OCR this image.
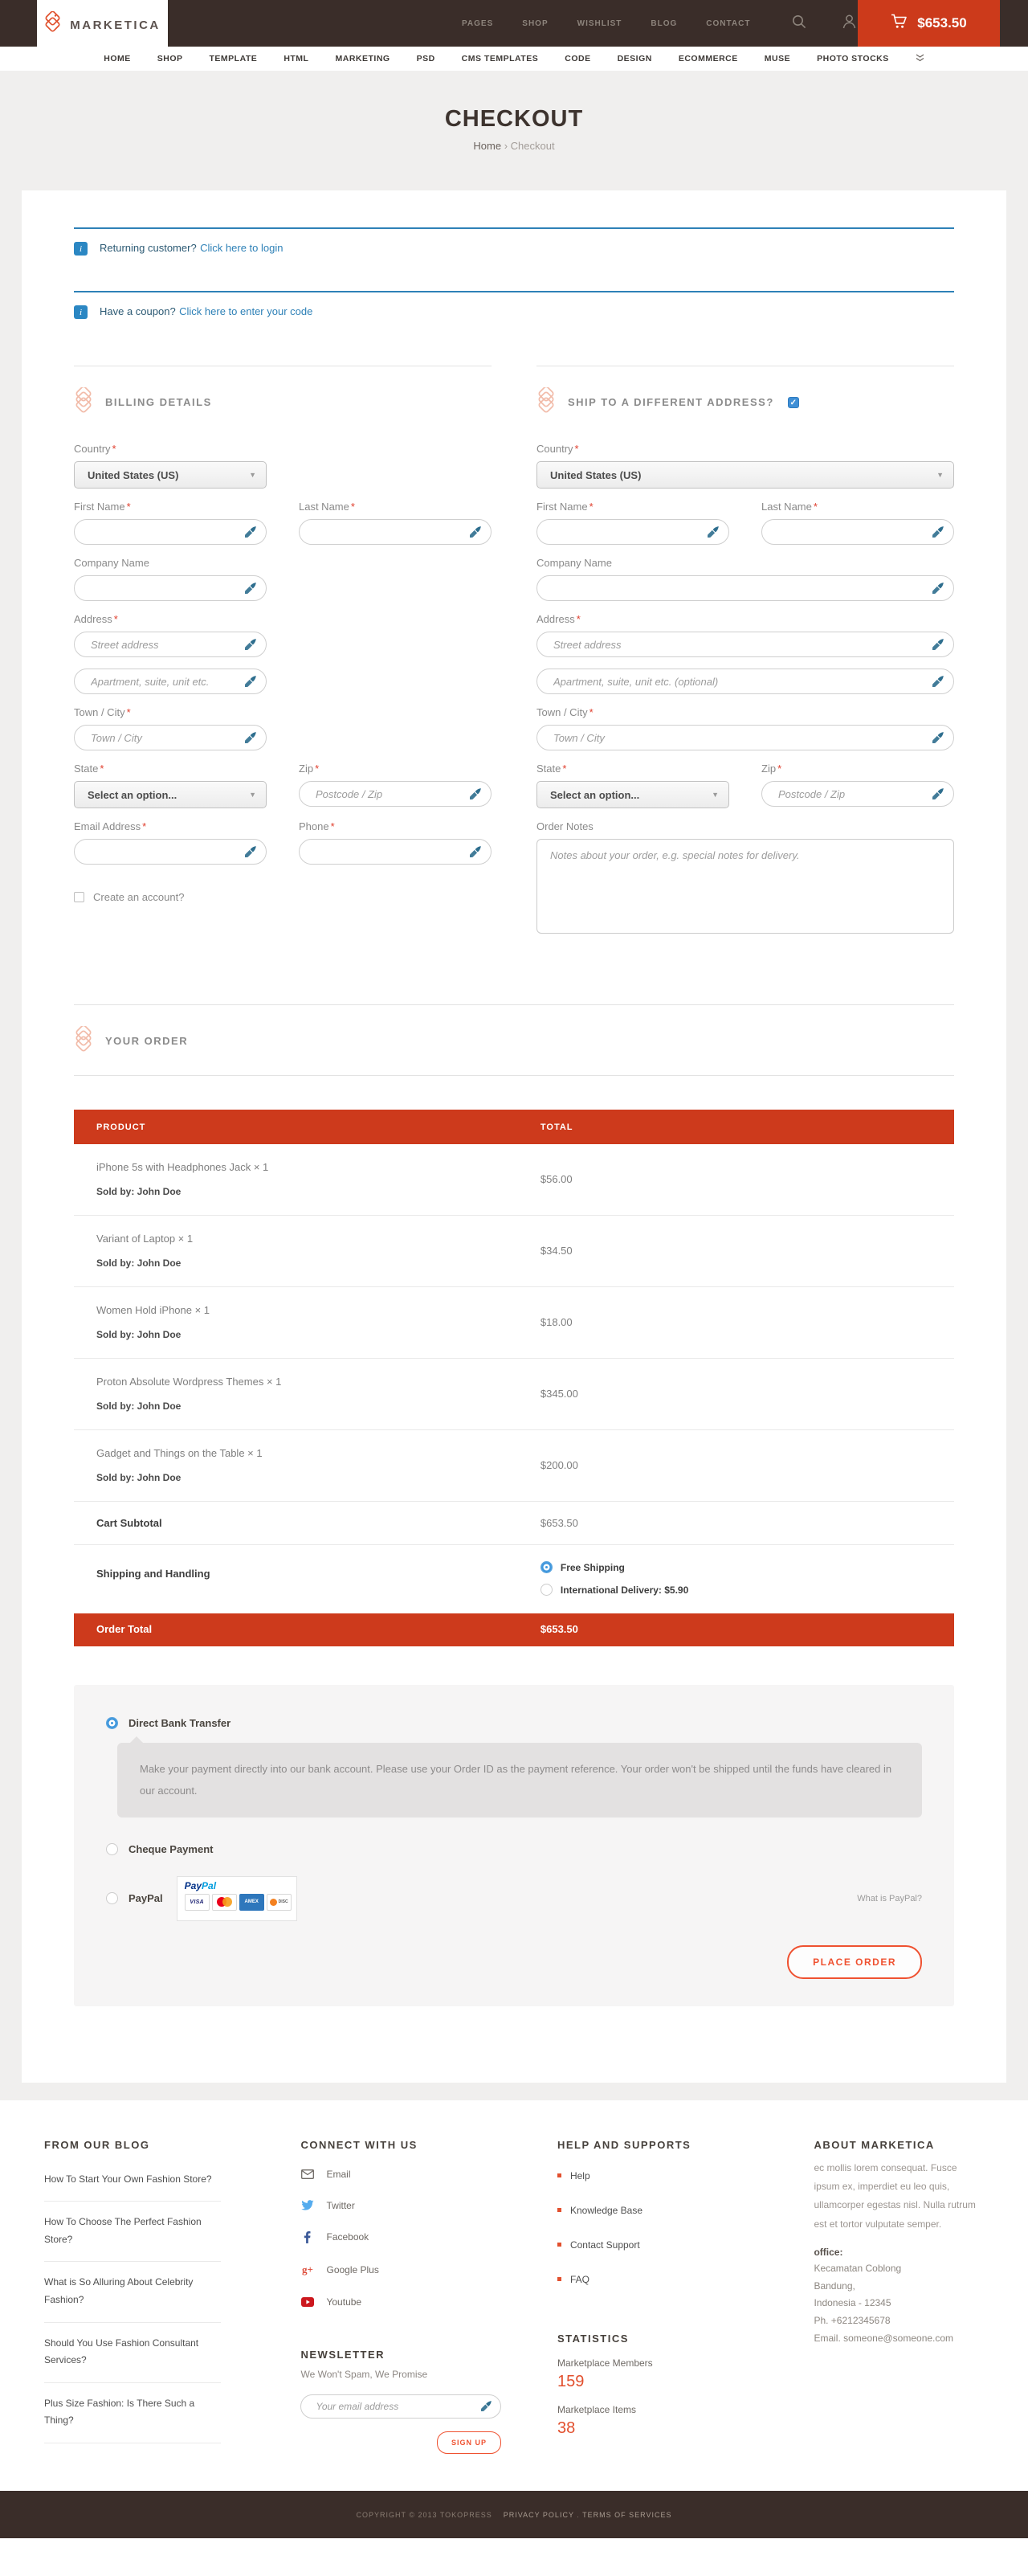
MARKETICA	PAGES	SHOP	WISHLIST	BLOG	CONTACT	$653.50
HOME	SHOP	TEMPLATE	HTML	MARKETING	PSD	CMS TEMPLATES	CODE	DESIGN	ECOMMERCE	MUSE	PHOTO STOCKS
CHECKOUT
Home › Checkout
i	Returning customer? Click here to login
i	Have a coupon? Click here to enter your code
BILLING DETAILS
Country *
United States (US)	▼
First Name *	Last Name *
Company Name
Address *
Street address
Apartment, suite, unit etc.
Town / City *
Town / City
State *
Select an option...	▼
Zip *
Postcode / Zip
Email Address *	Phone *
Create an account?
SHIP TO A DIFFERENT ADDRESS?
✓
Country *
United States (US)	▼
First Name *	Last Name *
Company Name
Address *
Street address
Apartment, suite, unit etc. (optional)
Town / City *
Town / City
State *
Select an option...	▼
Zip *
Postcode / Zip
Order Notes
Notes about your order, e.g. special notes for delivery.
YOUR ORDER
PRODUCT	TOTAL
iPhone 5s with Headphones Jack × 1
Sold by: John Doe
$56.00
Variant of Laptop × 1
Sold by: John Doe
$34.50
Women Hold iPhone × 1
Sold by: John Doe
$18.00
Proton Absolute Wordpress Themes × 1
Sold by: John Doe
$345.00
Gadget and Things on the Table × 1
Sold by: John Doe
$200.00
Cart Subtotal	$653.50
Shipping and Handling
Free Shipping
International Delivery: $5.90
Order Total	$653.50
Direct Bank Transfer
Make your payment directly into our bank account. Please use your Order ID as the payment reference. Your order won't be shipped until the funds have cleared in our account.
Cheque Payment
PayPal
PayPal
VISA	AMEX	DISC	What is PayPal?
PLACE ORDER
FROM OUR BLOG
How To Start Your Own Fashion Store?
How To Choose The Perfect Fashion Store?
What is So Alluring About Celebrity Fashion?
Should You Use Fashion Consultant Services?
Plus Size Fashion: Is There Such a Thing?
CONNECT WITH US
Email
Twitter
Facebook
g+ Google Plus
Youtube
NEWSLETTER
We Won't Spam, We Promise
Your email address
SIGN UP
HELP AND SUPPORTS
Help
Knowledge Base
Contact Support
FAQ
STATISTICS
Marketplace Members
159
Marketplace Items
38
ABOUT MARKETICA
ec mollis lorem consequat. Fusce ipsum ex, imperdiet eu leo quis, ullamcorper egestas nisl. Nulla rutrum est et tortor vulputate semper.
office:
Kecamatan Coblong
Bandung,
Indonesia - 12345
Ph. +6212345678
Email. someone@someone.com
COPYRIGHT © 2013 TOKOPRESS PRIVACY POLICY . TERMS OF SERVICES
